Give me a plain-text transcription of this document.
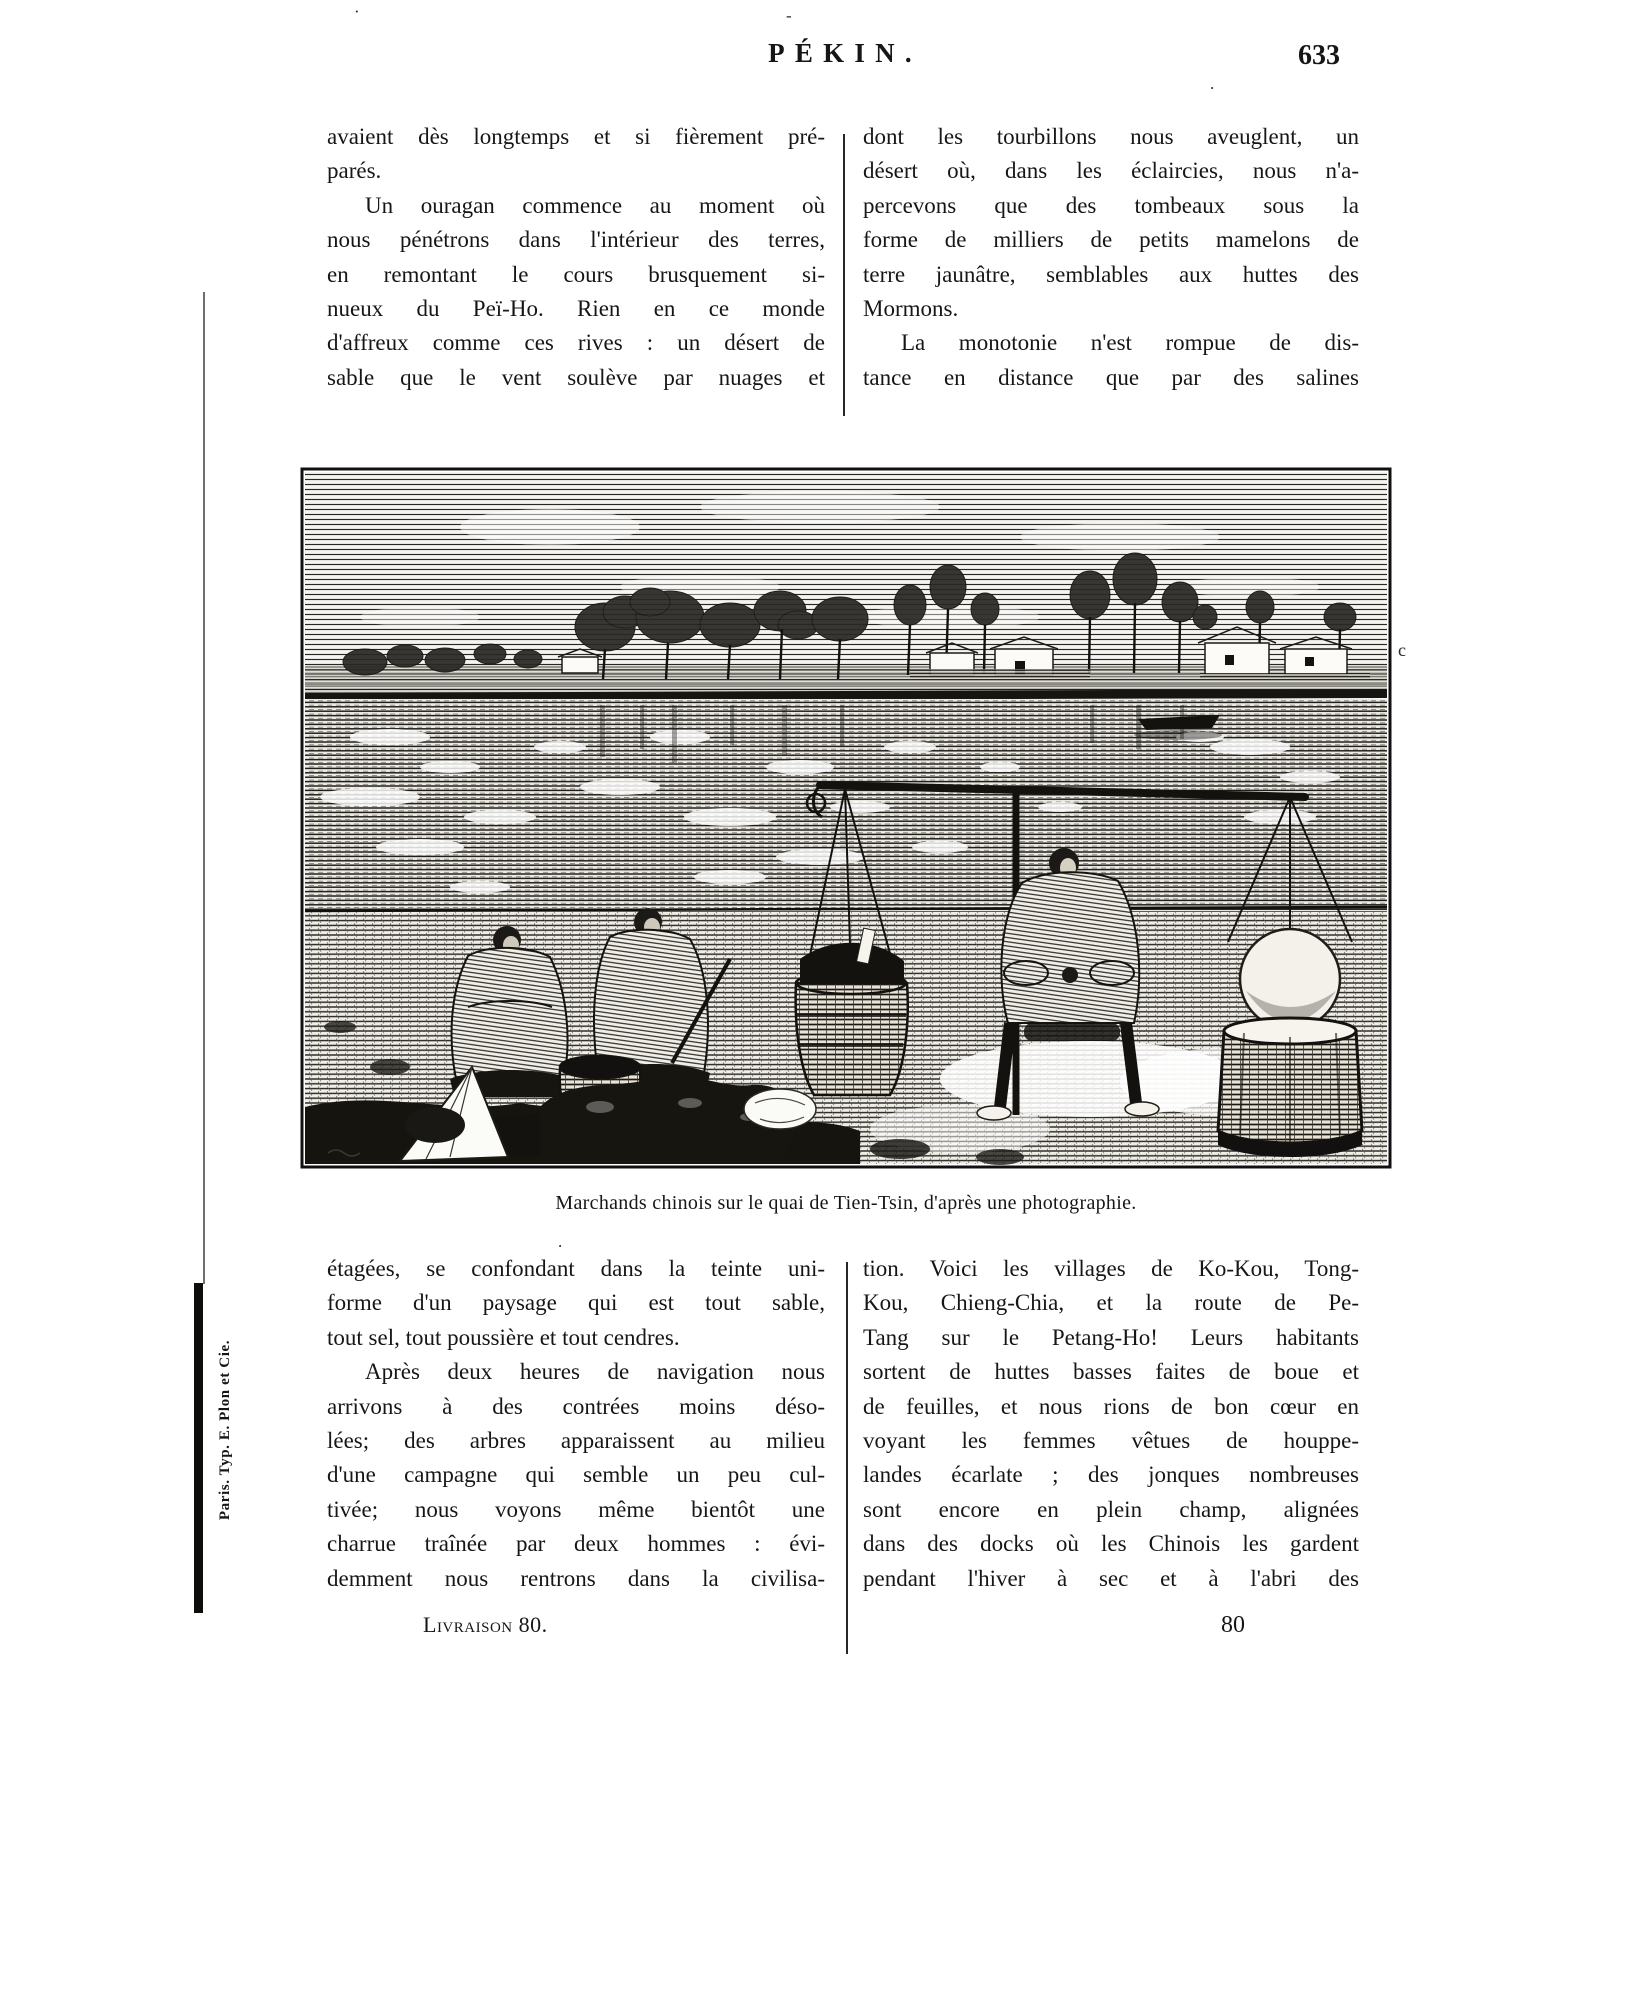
PÉKIN.	633
avaient dès longtemps et si fièrement pré-
parés.
Un ouragan commence au moment où
nous pénétrons dans l'intérieur des terres,
en remontant le cours brusquement si-
nueux du Peï-Ho. Rien en ce monde
d'affreux comme ces rives : un désert de
sable que le vent soulève par nuages et
dont les tourbillons nous aveuglent, un
désert où, dans les éclaircies, nous n'a-
percevons que des tombeaux sous la
forme de milliers de petits mamelons de
terre jaunâtre, semblables aux huttes des
Mormons.
La monotonie n'est rompue de dis-
tance en distance que par des salines
Marchands chinois sur le quai de Tien-Tsin, d'après une photographie.
étagées, se confondant dans la teinte uni-
forme d'un paysage qui est tout sable,
tout sel, tout poussière et tout cendres.
Après deux heures de navigation nous
arrivons à des contrées moins déso-
lées; des arbres apparaissent au milieu
d'une campagne qui semble un peu cul-
tivée; nous voyons même bientôt une
charrue traînée par deux hommes : évi-
demment nous rentrons dans la civilisa-
Livraison 80.
tion. Voici les villages de Ko-Kou, Tong-
Kou, Chieng-Chia, et la route de Pe-
Tang sur le Petang-Ho! Leurs habitants
sortent de huttes basses faites de boue et
de feuilles, et nous rions de bon cœur en
voyant les femmes vêtues de houppe-
landes écarlate ; des jonques nombreuses
sont encore en plein champ, alignées
dans des docks où les Chinois les gardent
pendant l'hiver à sec et à l'abri des
80
Paris. Typ. E. Plon et Cie.
·	-
.
c
.
